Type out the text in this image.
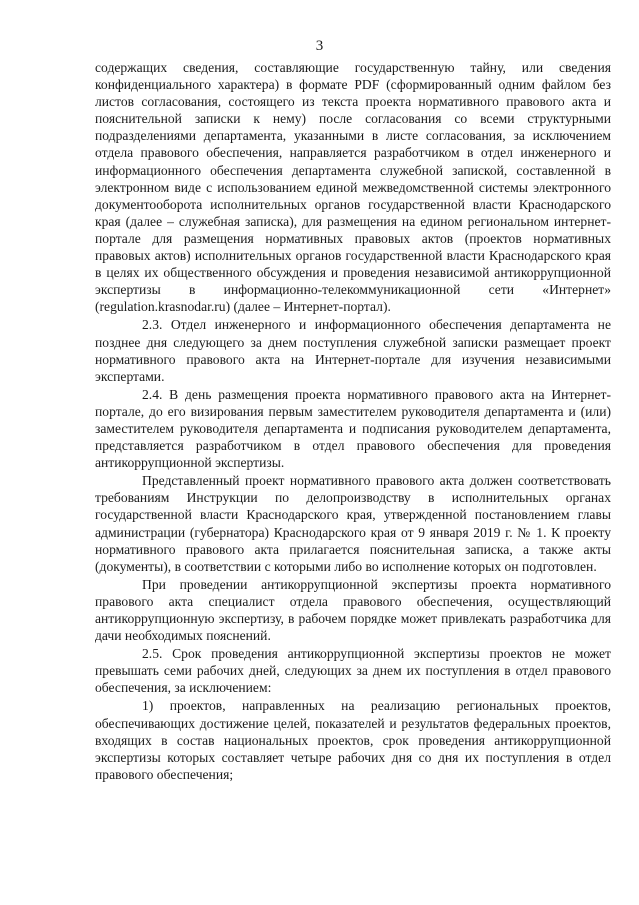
3

содержащих сведения, составляющие государственную тайну, или сведения конфиденциального характера) в формате PDF (сформированный одним файлом без листов согласования, состоящего из текста проекта нормативного правового акта и пояснительной записки к нему) после согласования со всеми структурными подразделениями департамента, указанными в листе согласования, за исключением отдела правового обеспечения, направляется разработчиком в отдел инженерного и информационного обеспечения департамента служебной запиской, составленной в электронном виде с использованием единой межведомственной системы электронного документооборота исполнительных органов государственной власти Краснодарского края (далее – служебная записка), для размещения на едином региональном интернет-портале для размещения нормативных правовых актов (проектов нормативных правовых актов) исполнительных органов государственной власти Краснодарского края в целях их общественного обсуждения и проведения независимой антикоррупционной экспертизы в информационно-телекоммуникационной сети «Интернет» (regulation.krasnodar.ru) (далее – Интернет-портал).

2.3. Отдел инженерного и информационного обеспечения департамента не позднее дня следующего за днем поступления служебной записки размещает проект нормативного правового акта на Интернет-портале для изучения независимыми экспертами.

2.4. В день размещения проекта нормативного правового акта на Интернет-портале, до его визирования первым заместителем руководителя департамента и (или) заместителем руководителя департамента и подписания руководителем департамента, представляется разработчиком в отдел правового обеспечения для проведения антикоррупционной экспертизы.

Представленный проект нормативного правового акта должен соответствовать требованиям Инструкции по делопроизводству в исполнительных органах государственной власти Краснодарского края, утвержденной постановлением главы администрации (губернатора) Краснодарского края от 9 января 2019 г. № 1. К проекту нормативного правового акта прилагается пояснительная записка, а также акты (документы), в соответствии с которыми либо во исполнение которых он подготовлен.

При проведении антикоррупционной экспертизы проекта нормативного правового акта специалист отдела правового обеспечения, осуществляющий антикоррупционную экспертизу, в рабочем порядке может привлекать разработчика для дачи необходимых пояснений.

2.5. Срок проведения антикоррупционной экспертизы проектов не может превышать семи рабочих дней, следующих за днем их поступления в отдел правового обеспечения, за исключением:

1) проектов, направленных на реализацию региональных проектов, обеспечивающих достижение целей, показателей и результатов федеральных проектов, входящих в состав национальных проектов, срок проведения антикоррупционной экспертизы которых составляет четыре рабочих дня со дня их поступления в отдел правового обеспечения;
